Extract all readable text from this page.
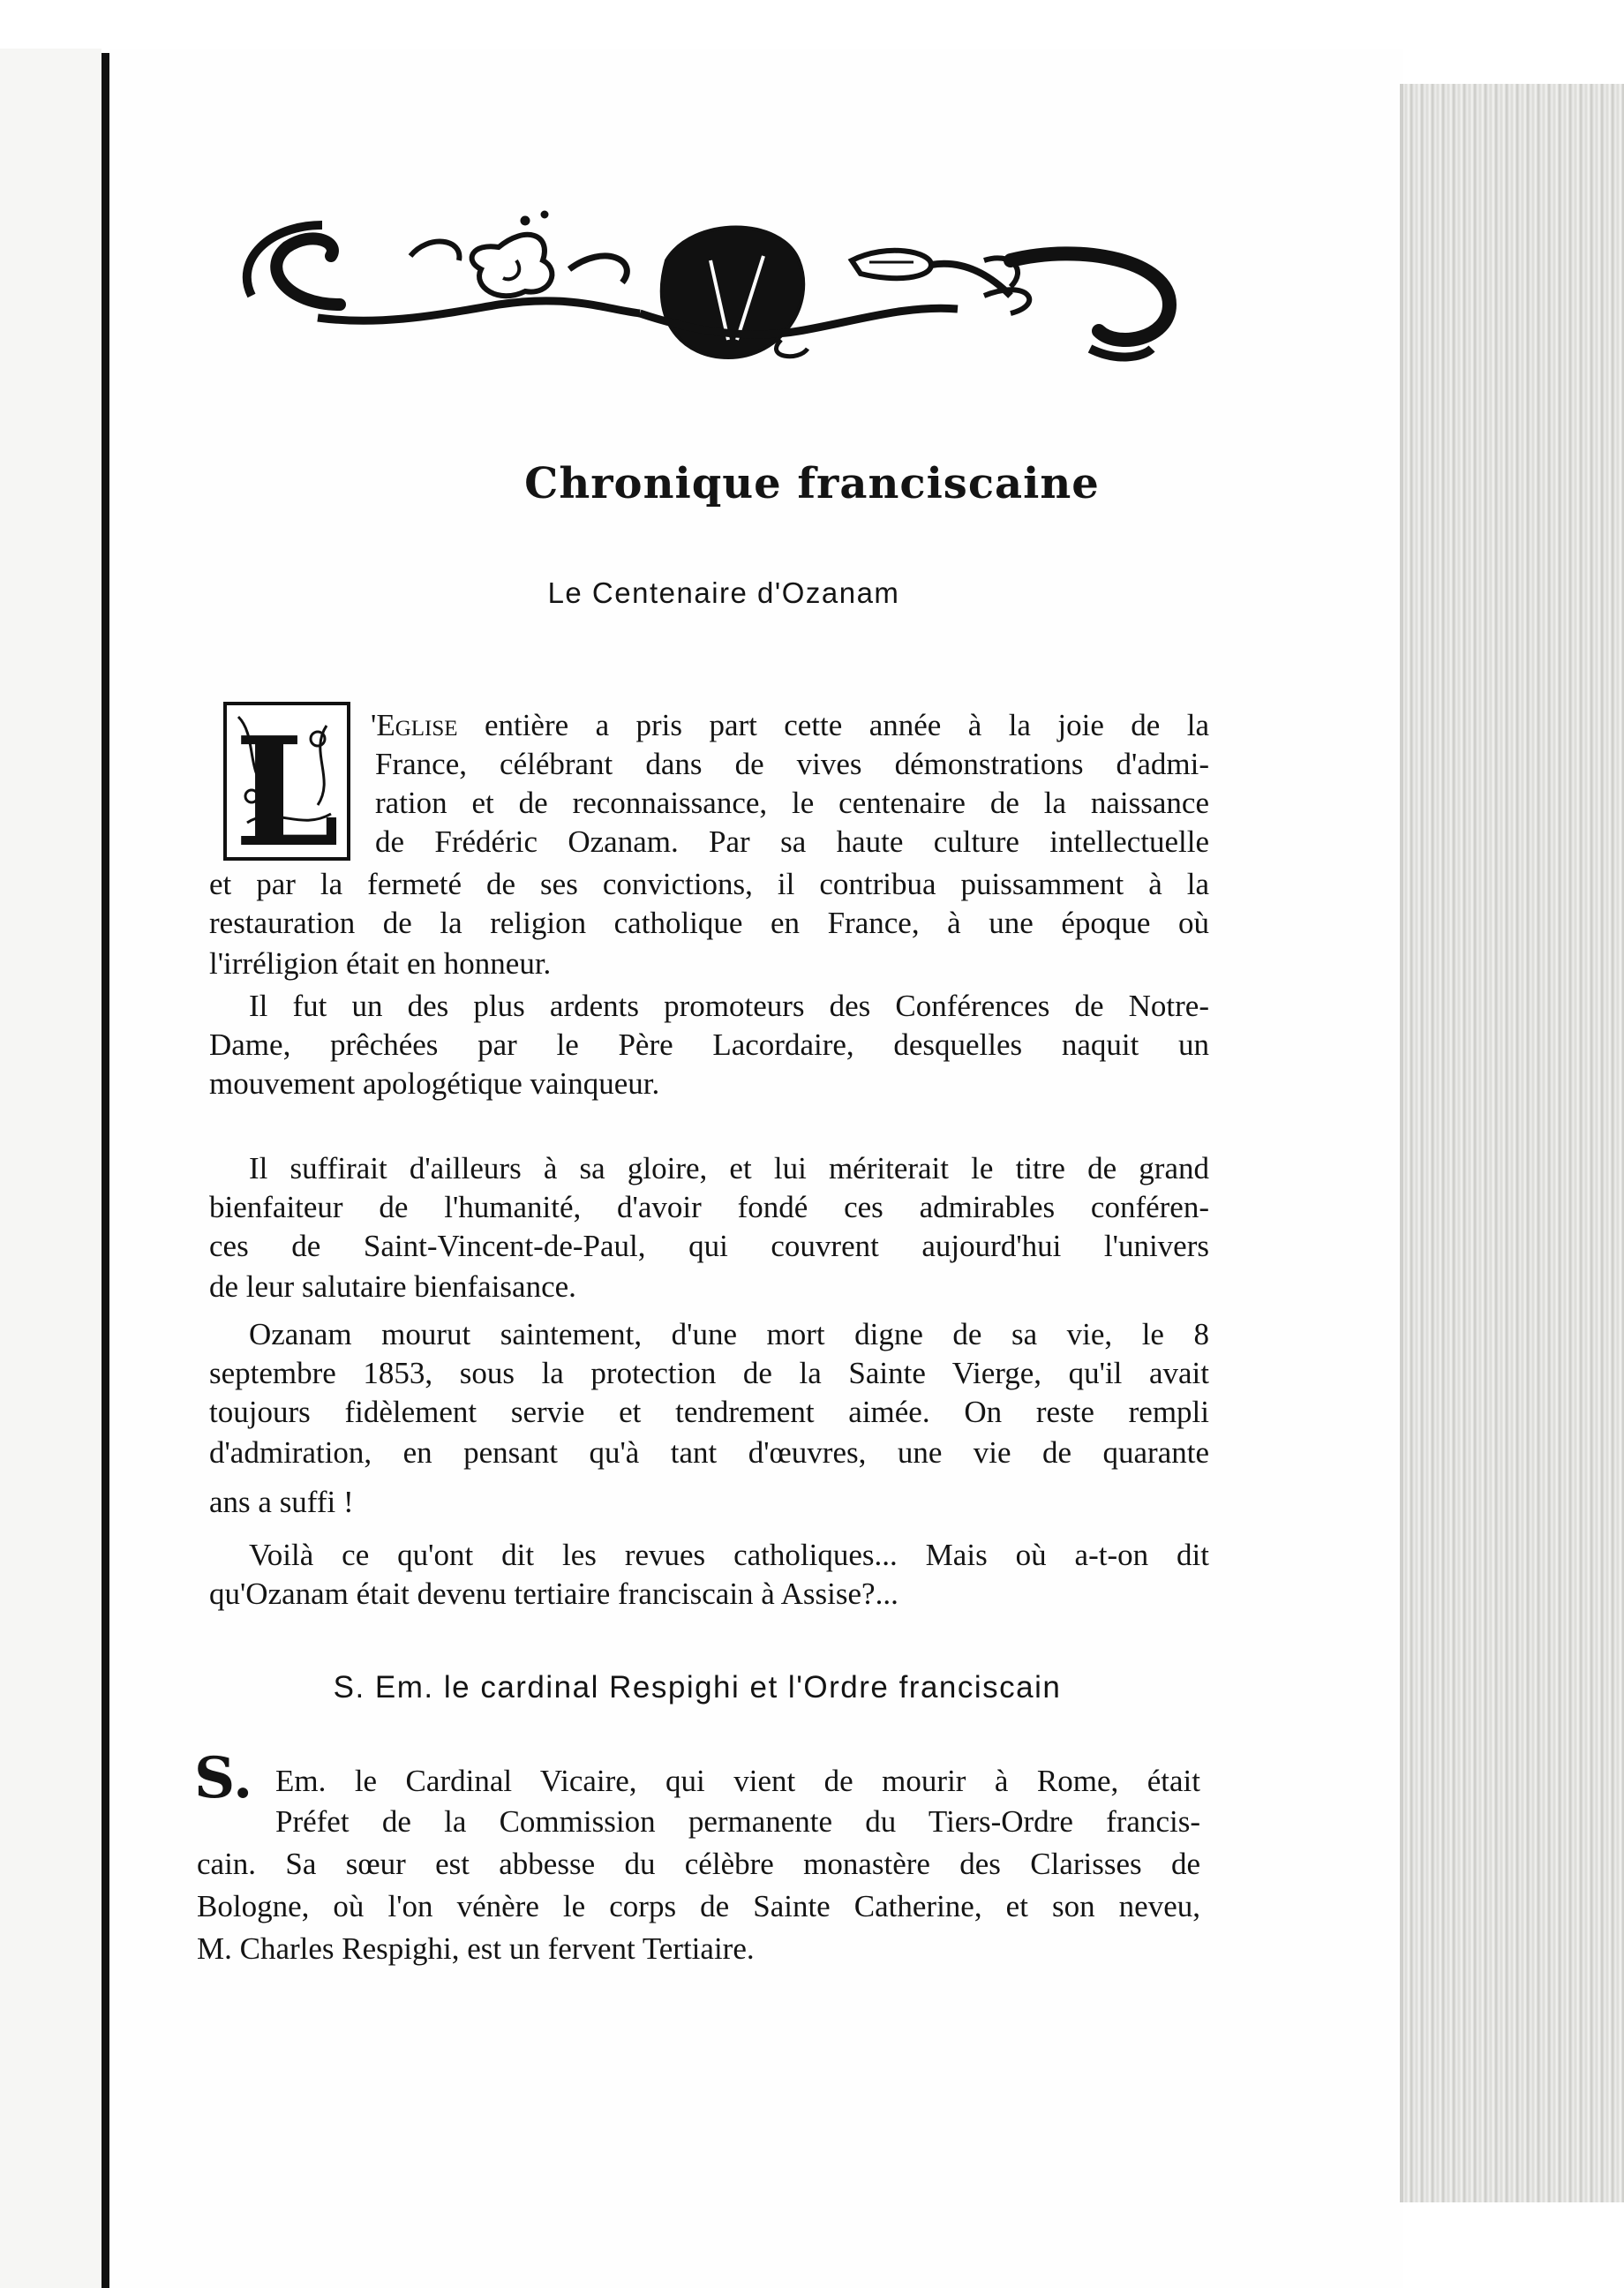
Chronique franciscaine
Le Centenaire d'Ozanam
L 'Eglise entière a pris part cette année à la joie de la
France, célébrant dans de vives démonstrations d'admi-
ration et de reconnaissance, le centenaire de la naissance
de Frédéric Ozanam. Par sa haute culture intellectuelle
et par la fermeté de ses convictions, il contribua puissamment à la
restauration de la religion catholique en France, à une époque où
l'irréligion était en honneur.
Il fut un des plus ardents promoteurs des Conférences de Notre-
Dame, prêchées par le Père Lacordaire, desquelles naquit un
mouvement apologétique vainqueur.
Il suffirait d'ailleurs à sa gloire, et lui mériterait le titre de grand
bienfaiteur de l'humanité, d'avoir fondé ces admirables conféren-
ces de Saint-Vincent-de-Paul, qui couvrent aujourd'hui l'univers
de leur salutaire bienfaisance.
Ozanam mourut saintement, d'une mort digne de sa vie, le 8
septembre 1853, sous la protection de la Sainte Vierge, qu'il avait
toujours fidèlement servie et tendrement aimée. On reste rempli
d'admiration, en pensant qu'à tant d'œuvres, une vie de quarante
ans a suffi !
Voilà ce qu'ont dit les revues catholiques... Mais où a-t-on dit
qu'Ozanam était devenu tertiaire franciscain à Assise?...
S. Em. le cardinal Respighi et l'Ordre franciscain
S. Em. le Cardinal Vicaire, qui vient de mourir à Rome, était
Préfet de la Commission permanente du Tiers-Ordre francis-
cain. Sa sœur est abbesse du célèbre monastère des Clarisses de
Bologne, où l'on vénère le corps de Sainte Catherine, et son neveu,
M. Charles Respighi, est un fervent Tertiaire.
